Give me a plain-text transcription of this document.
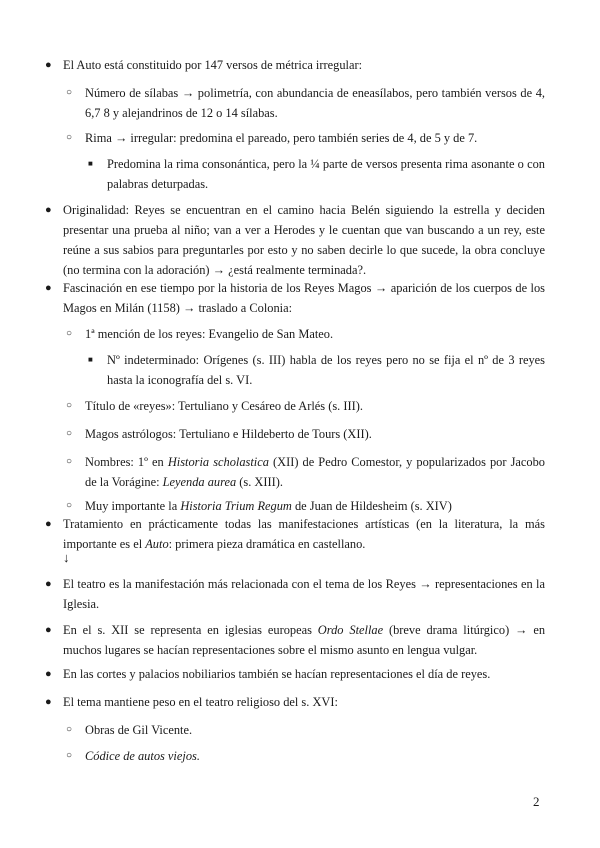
● El Auto está constituido por 147 versos de métrica irregular:
○ Número de sílabas → polimetría, con abundancia de eneasílabos, pero también versos de 4, 6,7 8 y alejandrinos de 12 o 14 sílabas.
○ Rima → irregular: predomina el pareado, pero también series de 4, de 5 y de 7.
■ Predomina la rima consonántica, pero la ¼ parte de versos presenta rima asonante o con palabras deturpadas.
● Originalidad: Reyes se encuentran en el camino hacia Belén siguiendo la estrella y deciden presentar una prueba al niño; van a ver a Herodes y le cuentan que van buscando a un rey, este reúne a sus sabios para preguntarles por esto y no saben decirle lo que sucede, la obra concluye (no termina con la adoración) → ¿está realmente terminada?.
● Fascinación en ese tiempo por la historia de los Reyes Magos → aparición de los cuerpos de los Magos en Milán (1158) → traslado a Colonia:
○ 1ª mención de los reyes: Evangelio de San Mateo.
■ Nº indeterminado: Orígenes (s. III) habla de los reyes pero no se fija el nº de 3 reyes hasta la iconografía del s. VI.
○ Título de «reyes»: Tertuliano y Cesáreo de Arlés (s. III).
○ Magos astrólogos: Tertuliano e Hildeberto de Tours (XII).
○ Nombres: 1º en Historia scholastica (XII) de Pedro Comestor, y popularizados por Jacobo de la Vorágine: Leyenda aurea (s. XIII).
○ Muy importante la Historia Trium Regum de Juan de Hildesheim (s. XIV)
● Tratamiento en prácticamente todas las manifestaciones artísticas (en la literatura, la más importante es el Auto: primera pieza dramática en castellano.
↓
● El teatro es la manifestación más relacionada con el tema de los Reyes → representaciones en la Iglesia.
● En el s. XII se representa en iglesias europeas Ordo Stellae (breve drama litúrgico) → en muchos lugares se hacían representaciones sobre el mismo asunto en lengua vulgar.
● En las cortes y palacios nobiliarios también se hacían representaciones el día de reyes.
● El tema mantiene peso en el teatro religioso del s. XVI:
○ Obras de Gil Vicente.
○ Códice de autos viejos.
2
